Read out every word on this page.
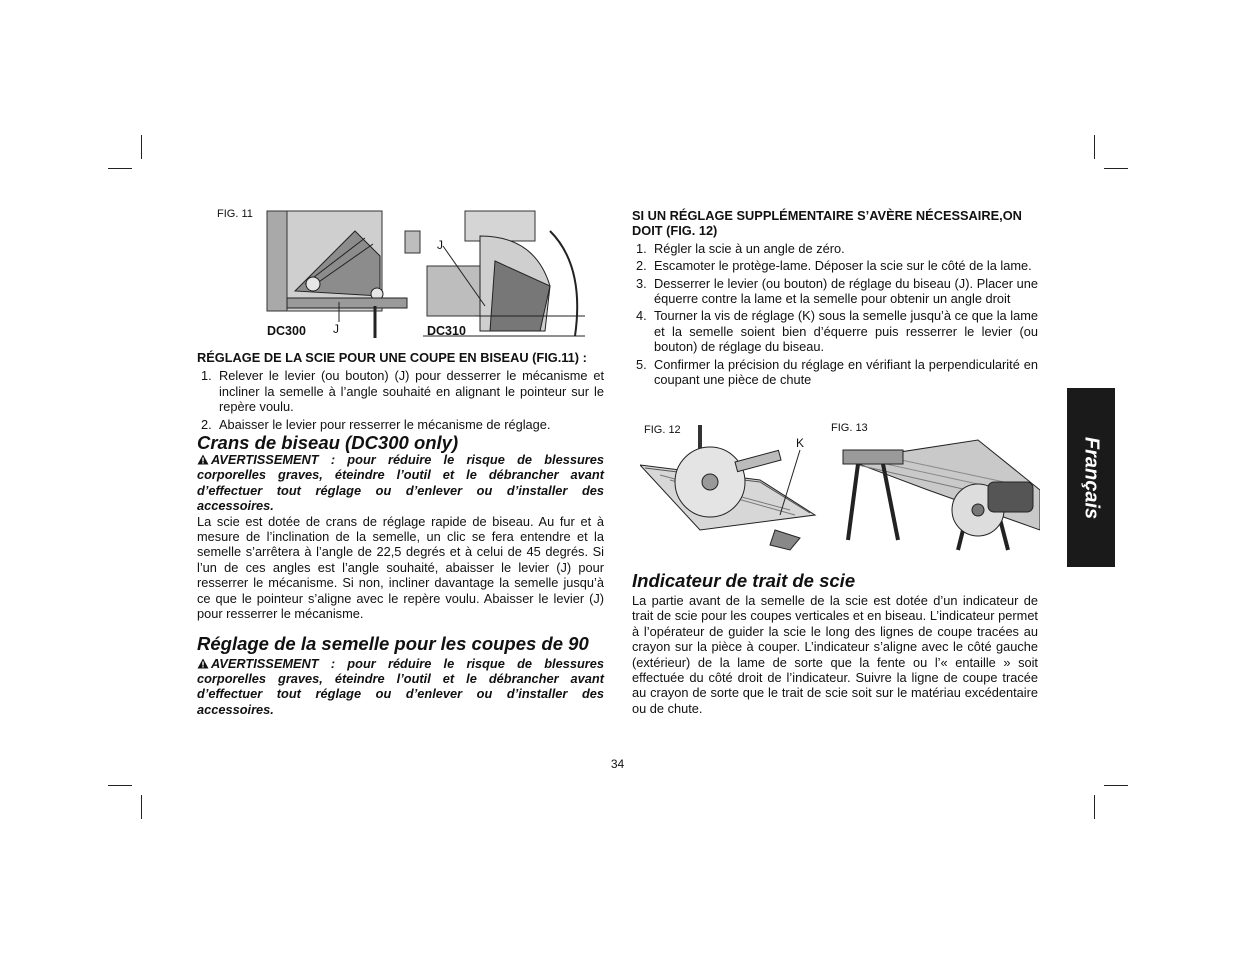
FIG. 11
J
J
DC300	DC310
RÉGLAGE DE LA SCIE POUR UNE COUPE EN BISEAU (FIG.11) :
1. Relever le levier (ou bouton) (J) pour desserrer le mécanisme et incliner la semelle à l’angle souhaité en alignant le pointeur sur le repère voulu.
2. Abaisser le levier pour resserrer le mécanisme de réglage.
Crans de biseau (DC300 only)
AVERTISSEMENT : pour réduire le risque de blessures corporelles graves, éteindre l’outil et le débrancher avant d’effectuer tout réglage ou d’enlever ou d’installer des accessoires.
La scie est dotée de crans de réglage rapide de biseau. Au fur et à mesure de l’inclination de la semelle, un clic se fera entendre et la semelle s’arrêtera à l’angle de 22,5 degrés et à celui de 45 degrés. Si l’un de ces angles est l’angle souhaité, abaisser le levier (J) pour resserrer le mécanisme. Si non, incliner davantage la semelle jusqu’à ce que le pointeur s’aligne avec le repère voulu. Abaisser le levier (J) pour resserrer le mécanisme.
Réglage de la semelle pour les coupes de 90
AVERTISSEMENT : pour réduire le risque de blessures corporelles graves, éteindre l’outil et le débrancher avant d’effectuer tout réglage ou d’enlever ou d’installer des accessoires.
SI UN RÉGLAGE SUPPLÉMENTAIRE S’AVÈRE NÉCESSAIRE,ON DOIT (FIG. 12)
1. Régler la scie à un angle de zéro.
2. Escamoter le protège-lame. Déposer la scie sur le côté de la lame.
3. Desserrer le levier (ou bouton) de réglage du biseau (J). Placer une équerre contre la lame et la semelle pour obtenir un angle droit
4. Tourner la vis de réglage (K) sous la semelle jusqu’à ce que la lame et la semelle soient bien d’équerre puis resserrer le levier (ou bouton) de réglage du biseau.
5. Confirmer la précision du réglage en vérifiant la perpendicularité en coupant une pièce de chute
FIG. 12
K
FIG. 13
Indicateur de trait de scie
La partie avant de la semelle de la scie est dotée d’un indicateur de trait de scie pour les coupes verticales et en biseau. L’indicateur permet à l’opérateur de guider la scie le long des lignes de coupe tracées au crayon sur la pièce à couper. L’indicateur s’aligne avec le côté gauche (extérieur) de la lame de sorte que la fente ou l’« entaille » soit effectuée du côté droit de l’indicateur. Suivre la ligne de coupe tracée au crayon de sorte que le trait de scie soit sur le matériau excédentaire ou de chute.
Français
34
